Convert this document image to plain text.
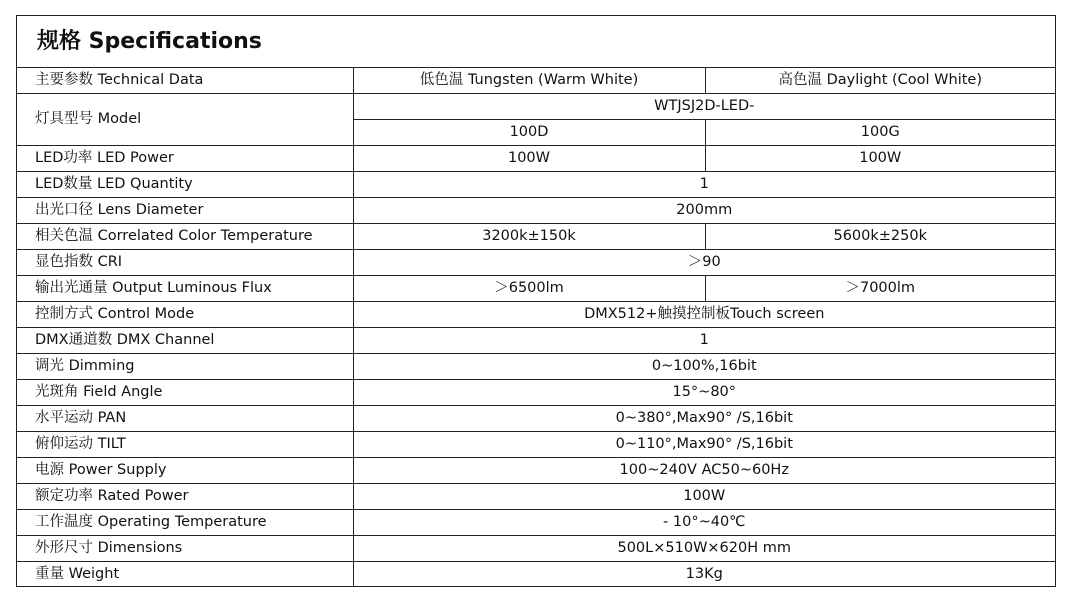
规格 Specifications
主要参数 Technical Data	低色温 Tungsten (Warm White)	高色温 Daylight (Cool White)
灯具型号 Model	WTJSJ2D-LED-	
	100D	100G
LED功率 LED Power	100W	100W
LED数量 LED Quantity	1	
出光口径 Lens Diameter	200mm	
相关色温 Correlated Color Temperature	3200k±150k	5600k±250k
显色指数 CRI	＞90	
输出光通量 Output Luminous Flux	＞6500lm	＞7000lm
控制方式 Control Mode	DMX512+触摸控制板Touch screen	
DMX通道数 DMX Channel	1	
调光 Dimming	0~100%,16bit	
光斑角 Field Angle	15°~80°	
水平运动 PAN	0~380°,Max90° /S,16bit	
俯仰运动 TILT	0~110°,Max90° /S,16bit	
电源 Power Supply	100~240V AC50~60Hz	
额定功率 Rated Power	100W	
工作温度 Operating Temperature	- 10°~40℃	
外形尺寸 Dimensions	500L×510W×620H mm	
重量 Weight	13Kg	
